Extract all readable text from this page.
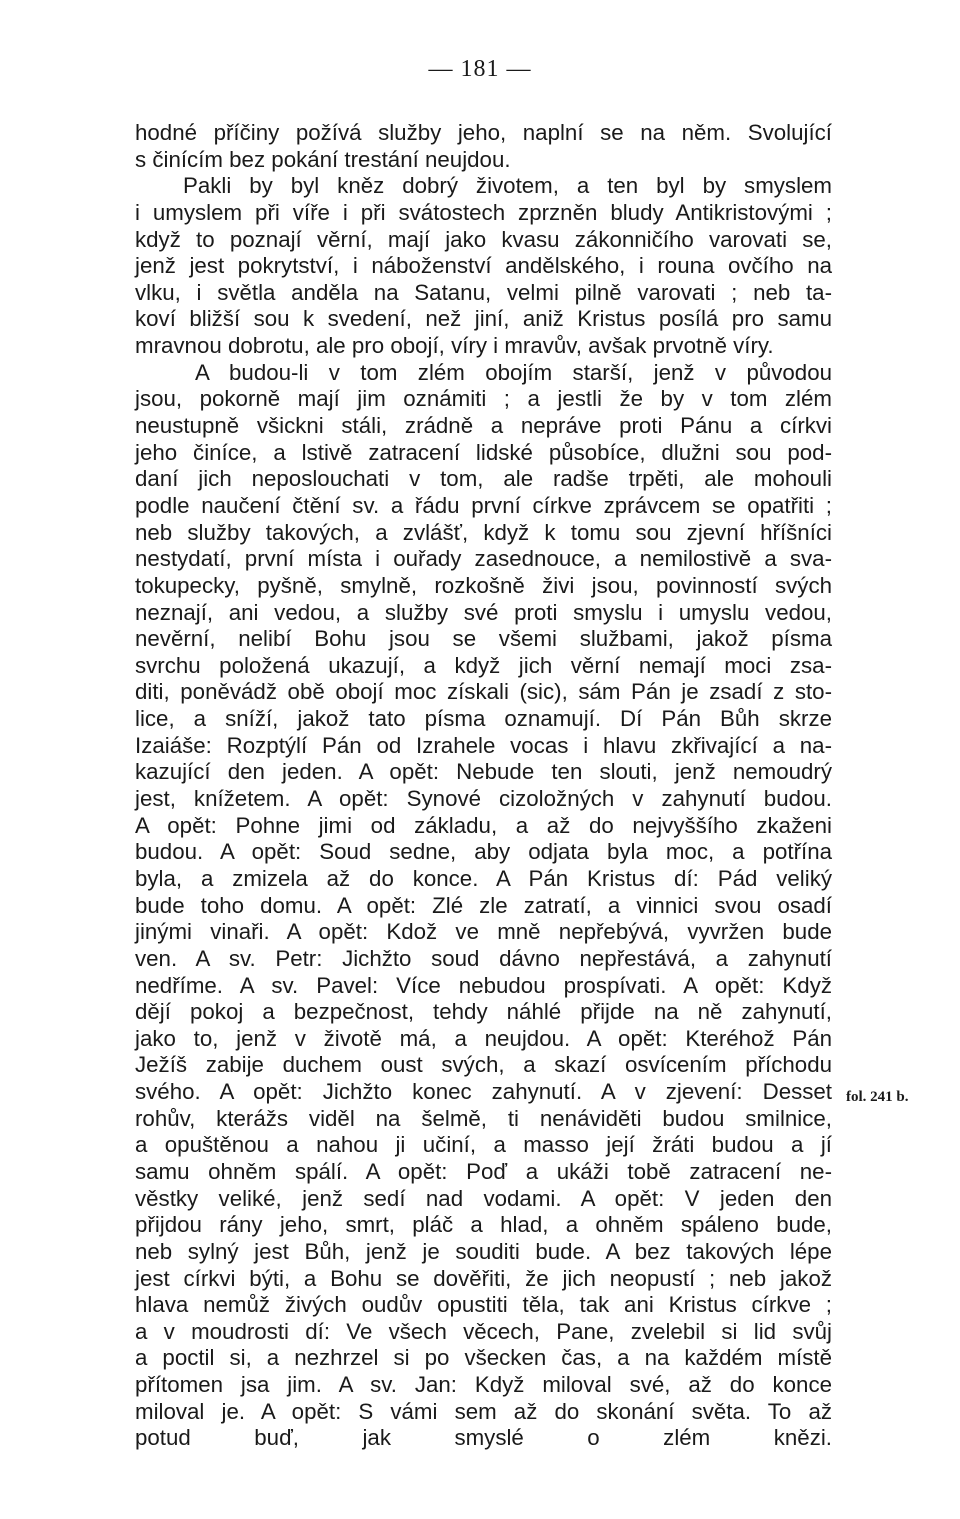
— 181 —
hodné příčiny požívá služby jeho, naplní se na něm. Svolující
s činícím bez pokání trestání neujdou.
Pakli by byl kněz dobrý životem, a ten byl by smyslem
i umyslem při víře i při svátostech zprzněn bludy Antikristovými ;
když to poznají věrní, mají jako kvasu zákonničího varovati se,
jenž jest pokrytství, i náboženství andělského, i rouna ovčího na
vlku, i světla anděla na Satanu, velmi pilně varovati ; neb ta-
koví bližší sou k svedení, než jiní, aniž Kristus posílá pro samu
mravnou dobrotu, ale pro obojí, víry i mravův, avšak prvotně víry.
A budou-li v tom zlém obojím starší, jenž v původou
jsou, pokorně mají jim oznámiti ; a jestli že by v tom zlém
neustupně všickni stáli, zrádně a nepráve proti Pánu a církvi
jeho činíce, a lstivě zatracení lidské působíce, dlužni sou pod-
daní jich neposlouchati v tom, ale radše trpěti, ale mohouli
podle naučení čtění sv. a řádu první církve zprávcem se opatřiti ;
neb služby takových, a zvlášť, když k tomu sou zjevní hříšníci
nestydatí, první místa i ouřady zasednouce, a nemilostivě a sva-
tokupecky, pyšně, smylně, rozkošně živi jsou, povinností svých
neznají, ani vedou, a služby své proti smyslu i umyslu vedou,
nevěrní, nelibí Bohu jsou se všemi službami, jakož písma
svrchu položená ukazují, a když jich věrní nemají moci zsa-
diti, poněvádž obě obojí moc získali (sic), sám Pán je zsadí z sto-
lice, a sníží, jakož tato písma oznamují. Dí Pán Bůh skrze
Izaiáše: Rozptýlí Pán od Izrahele vocas i hlavu zkřivající a na-
kazující den jeden. A opět: Nebude ten slouti, jenž nemoudrý
jest, knížetem. A opět: Synové cizoložných v zahynutí budou.
A opět: Pohne jimi od základu, a až do nejvyššího zkaženi
budou. A opět: Soud sedne, aby odjata byla moc, a potřína
byla, a zmizela až do konce. A Pán Kristus dí: Pád veliký
bude toho domu. A opět: Zlé zle zatratí, a vinnici svou osadí
jinými vinaři. A opět: Kdož ve mně nepřebývá, vyvržen bude
ven. A sv. Petr: Jichžto soud dávno nepřestává, a zahynutí
nedříme. A sv. Pavel: Více nebudou prospívati. A opět: Když
dějí pokoj a bezpečnost, tehdy náhlé přijde na ně zahynutí,
jako to, jenž v životě má, a neujdou. A opět: Kteréhož Pán
Ježíš zabije duchem oust svých, a skazí osvícením příchodu
svého. A opět: Jichžto konec zahynutí. A v zjevení: Desset
rohův, kterážs viděl na šelmě, ti nenáviděti budou smilnice,
a opuštěnou a nahou ji učiní, a masso její žráti budou a jí
samu ohněm spálí. A opět: Poď a ukáži tobě zatracení ne-
věstky veliké, jenž sedí nad vodami. A opět: V jeden den
přijdou rány jeho, smrt, pláč a hlad, a ohněm spáleno bude,
neb sylný jest Bůh, jenž je souditi bude. A bez takových lépe
jest církvi býti, a Bohu se dověřiti, že jich neopustí ; neb jakož
hlava nemůž živých oudův opustiti těla, tak ani Kristus církve ;
a v moudrosti dí: Ve všech věcech, Pane, zvelebil si lid svůj
a poctil si, a nezhrzel si po všecken čas, a na každém místě
přítomen jsa jim. A sv. Jan: Když miloval své, až do konce
miloval je. A opět: S vámi sem až do skonání světa. To až
potud buď, jak smyslé o zlém knězi.
fol. 241 b.
